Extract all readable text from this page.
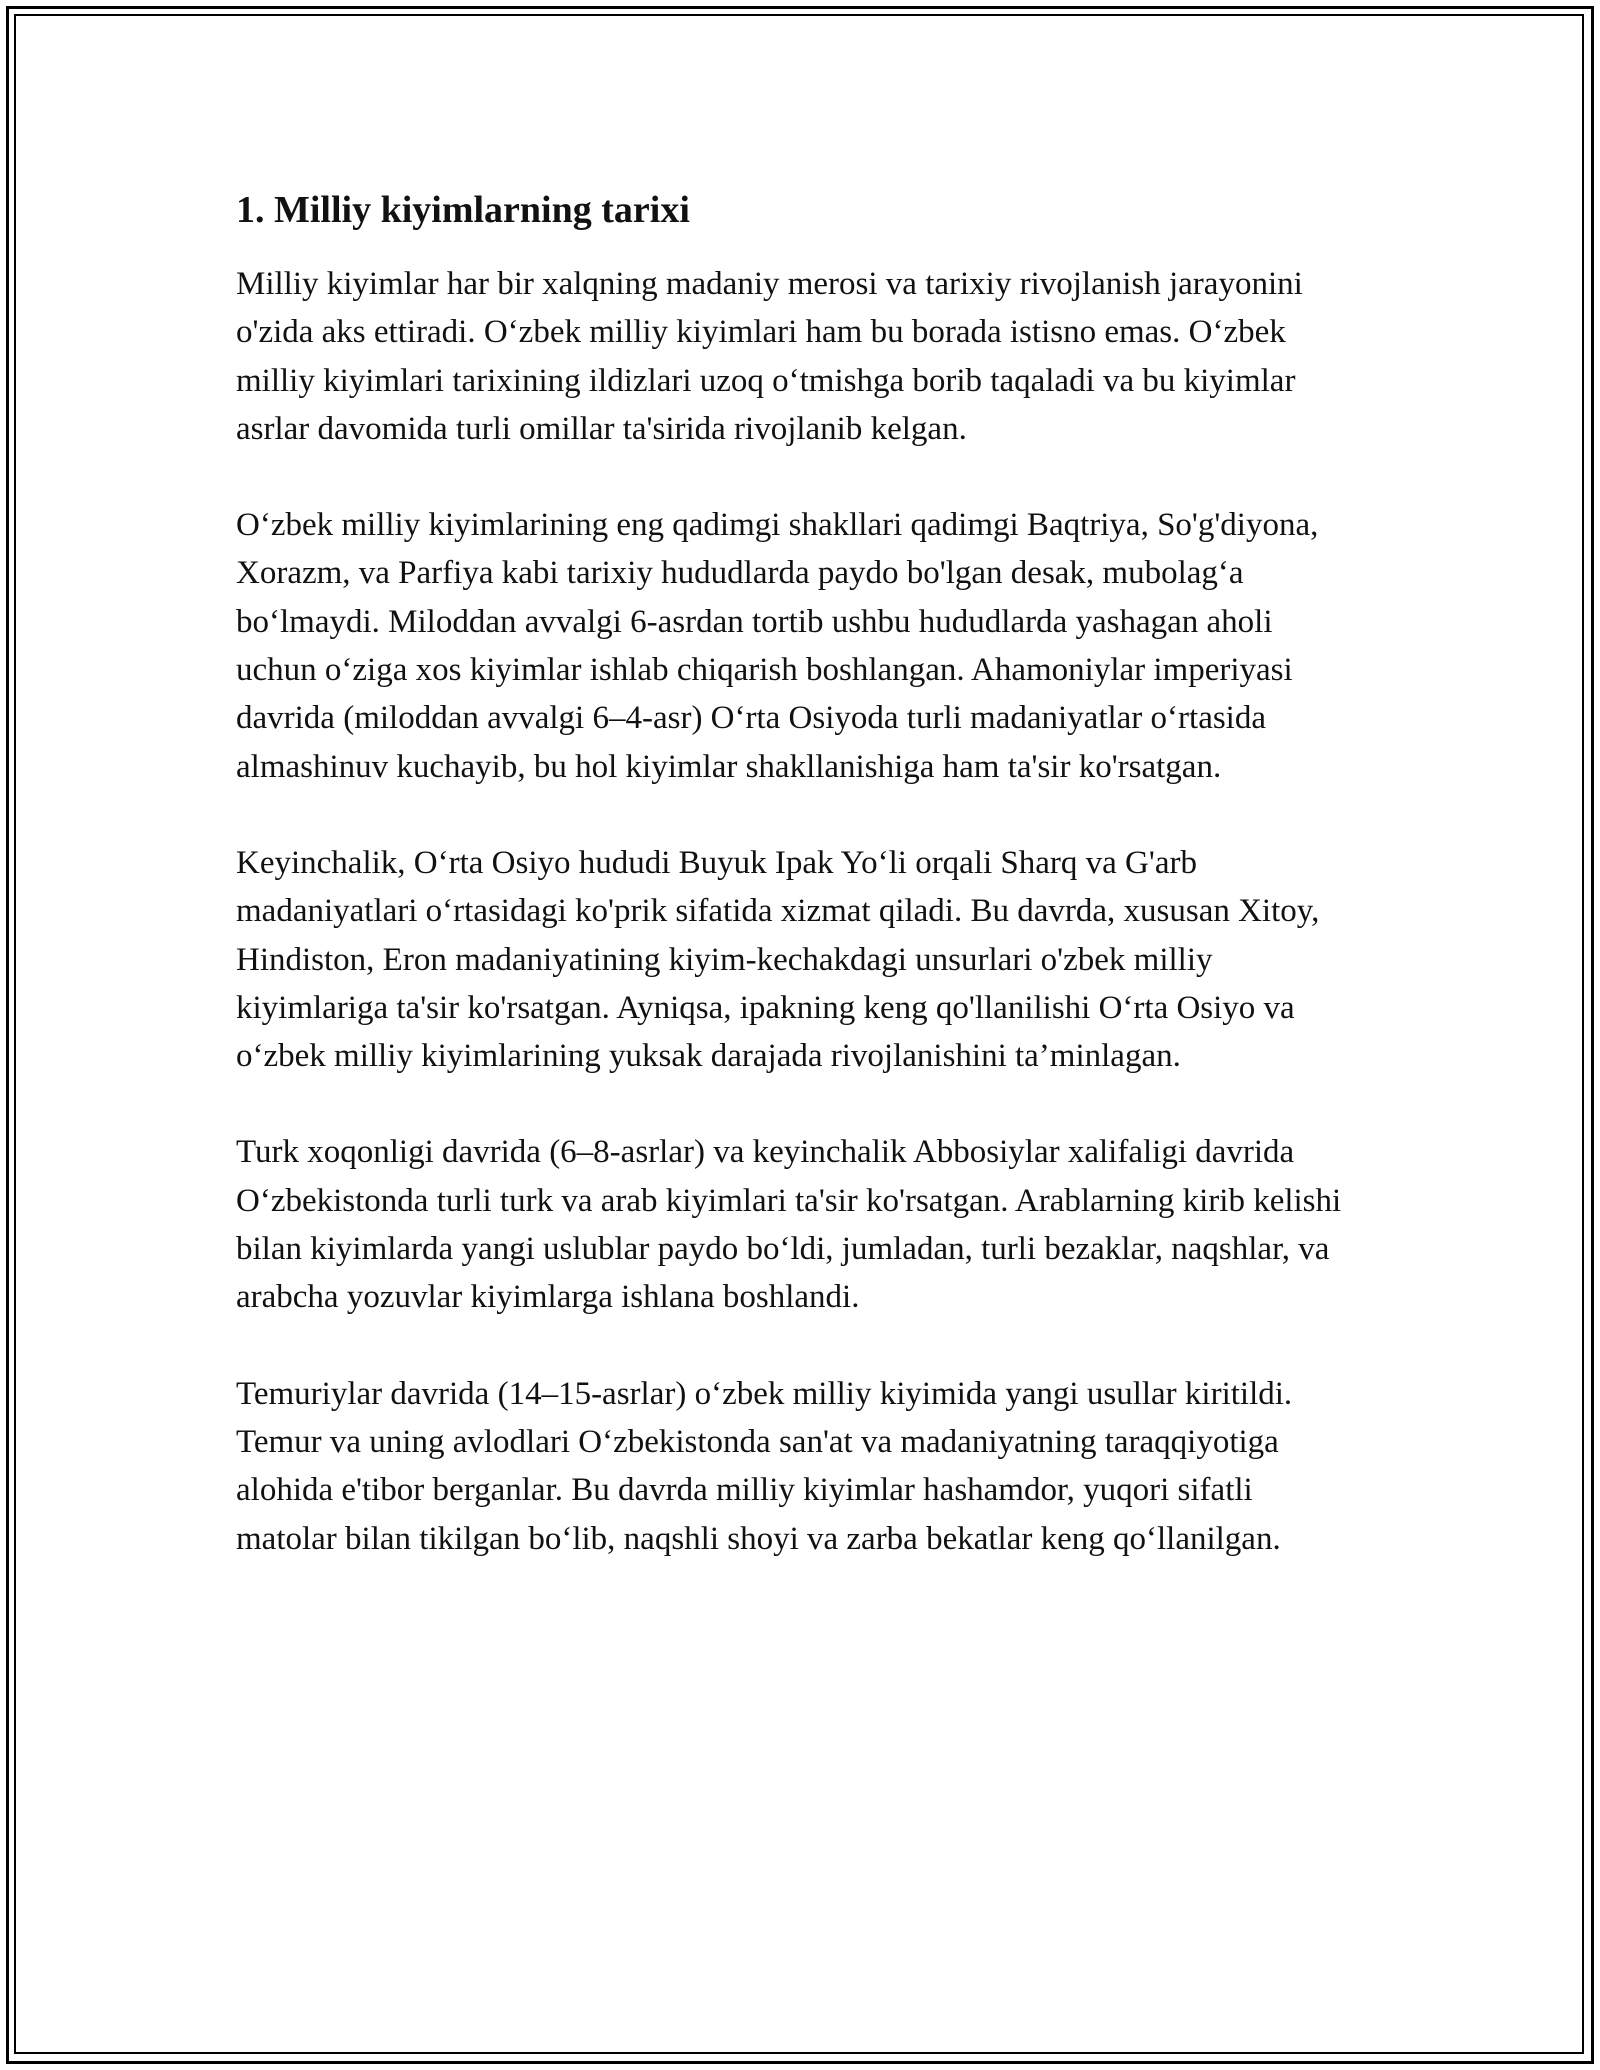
1. Milliy kiyimlarning tarixi

Milliy kiyimlar har bir xalqning madaniy merosi va tarixiy rivojlanish jarayonini o'zida aks ettiradi. Oʻzbek milliy kiyimlari ham bu borada istisno emas. Oʻzbek milliy kiyimlari tarixining ildizlari uzoq oʻtmishga borib taqaladi va bu kiyimlar asrlar davomida turli omillar ta'sirida rivojlanib kelgan.

Oʻzbek milliy kiyimlarining eng qadimgi shakllari qadimgi Baqtriya, So'g'diyona, Xorazm, va Parfiya kabi tarixiy hududlarda paydo bo'lgan desak, mubolagʻa boʻlmaydi. Miloddan avvalgi 6-asrdan tortib ushbu hududlarda yashagan aholi uchun oʻziga xos kiyimlar ishlab chiqarish boshlangan. Ahamoniylar imperiyasi davrida (miloddan avvalgi 6–4-asr) Oʻrta Osiyoda turli madaniyatlar oʻrtasida almashinuv kuchayib, bu hol kiyimlar shakllanishiga ham ta'sir ko'rsatgan.

Keyinchalik, Oʻrta Osiyo hududi Buyuk Ipak Yoʻli orqali Sharq va G'arb madaniyatlari oʻrtasidagi ko'prik sifatida xizmat qiladi. Bu davrda, xususan Xitoy, Hindiston, Eron madaniyatining kiyim-kechakdagi unsurlari o'zbek milliy kiyimlariga ta'sir ko'rsatgan. Ayniqsa, ipakning keng qo'llanilishi Oʻrta Osiyo va oʻzbek milliy kiyimlarining yuksak darajada rivojlanishini ta’minlagan.

Turk xoqonligi davrida (6–8-asrlar) va keyinchalik Abbosiylar xalifaligi davrida Oʻzbekistonda turli turk va arab kiyimlari ta'sir ko'rsatgan. Arablarning kirib kelishi bilan kiyimlarda yangi uslublar paydo boʻldi, jumladan, turli bezaklar, naqshlar, va arabcha yozuvlar kiyimlarga ishlana boshlandi.

Temuriylar davrida (14–15-asrlar) oʻzbek milliy kiyimida yangi usullar kiritildi. Temur va uning avlodlari Oʻzbekistonda san'at va madaniyatning taraqqiyotiga alohida e'tibor berganlar. Bu davrda milliy kiyimlar hashamdor, yuqori sifatli matolar bilan tikilgan boʻlib, naqshli shoyi va zarba bekatlar keng qoʻllanilgan.
